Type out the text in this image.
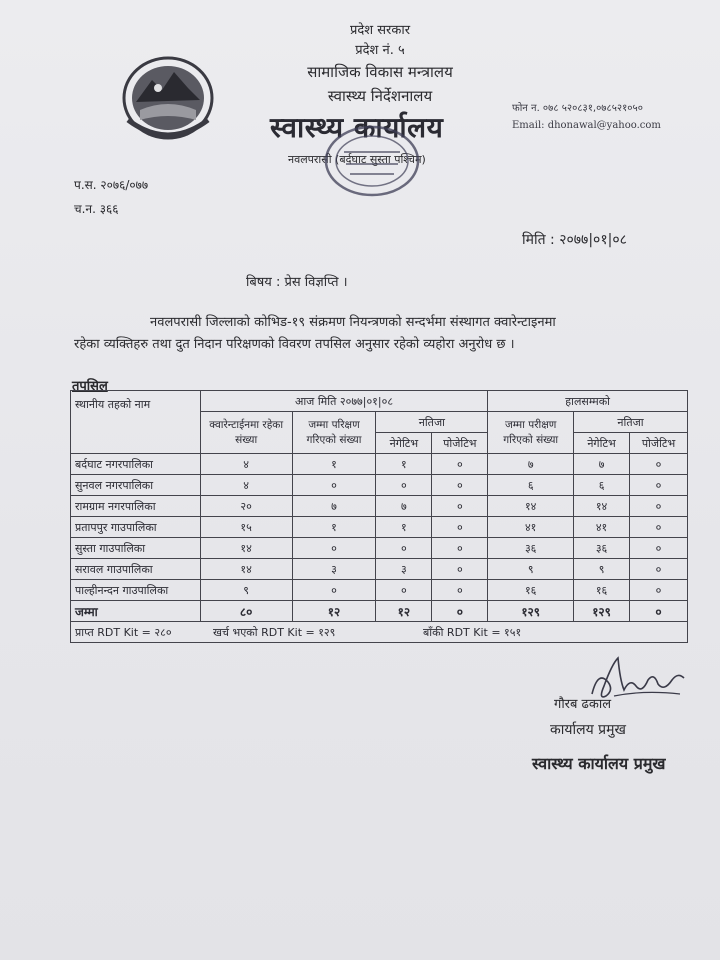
प्रदेश सरकार
प्रदेश नं. ५
सामाजिक विकास मन्त्रालय
स्वास्थ्य निर्देशनालय
स्वास्थ्य कार्यालय
नवलपरासी (बर्दघाट सुस्ता पश्चिम)
फोन न. ०७८ ५२०८३१,०७८५२१०५०
Email: dhonawal@yahoo.com
प.स. २०७६/०७७
च.न. ३६६
मिति : २०७७|०१|०८
बिषय : प्रेस विज्ञप्ति ।
नवलपरासी जिल्लाको कोभिड-१९ संक्रमण नियन्त्रणको सन्दर्भमा संस्थागत क्वारेन्टाइनमा
रहेका व्यक्तिहरु तथा दुत निदान परिक्षणको विवरण तपसिल अनुसार रहेको व्यहोरा अनुरोध छ ।
तपसिल
स्थानीय तहको नाम	आज मिति २०७७|०१|०८				हालसम्मको		
	क्वारेन्टाईनमा रहेका संख्या	जम्मा परिक्षण गरिएको संख्या	नतिजा		जम्मा परीक्षण गरिएको संख्या	नतिजा	
			नेगेटिभ	पोजेटिभ		नेगेटिभ	पोजेटिभ
बर्दघाट नगरपालिका	४	१	१	०	७	७	०
सुनवल नगरपालिका	४	०	०	०	६	६	०
रामग्राम नगरपालिका	२०	७	७	०	१४	१४	०
प्रतापपुर गाउपालिका	१५	१	१	०	४१	४१	०
सुस्ता गाउपालिका	१४	०	०	०	३६	३६	०
सरावल गाउपालिका	१४	३	३	०	९	९	०
पाल्हीनन्दन गाउपालिका	९	०	०	०	१६	१६	०
जम्मा	८०	१२	१२	०	१२९	१२९	०
प्राप्त RDT Kit = २८० खर्च भएको RDT Kit = १२९ बाँकी RDT Kit = १५१							
गौरब ढकाल
कार्यालय प्रमुख
स्वास्थ्य कार्यालय प्रमुख
